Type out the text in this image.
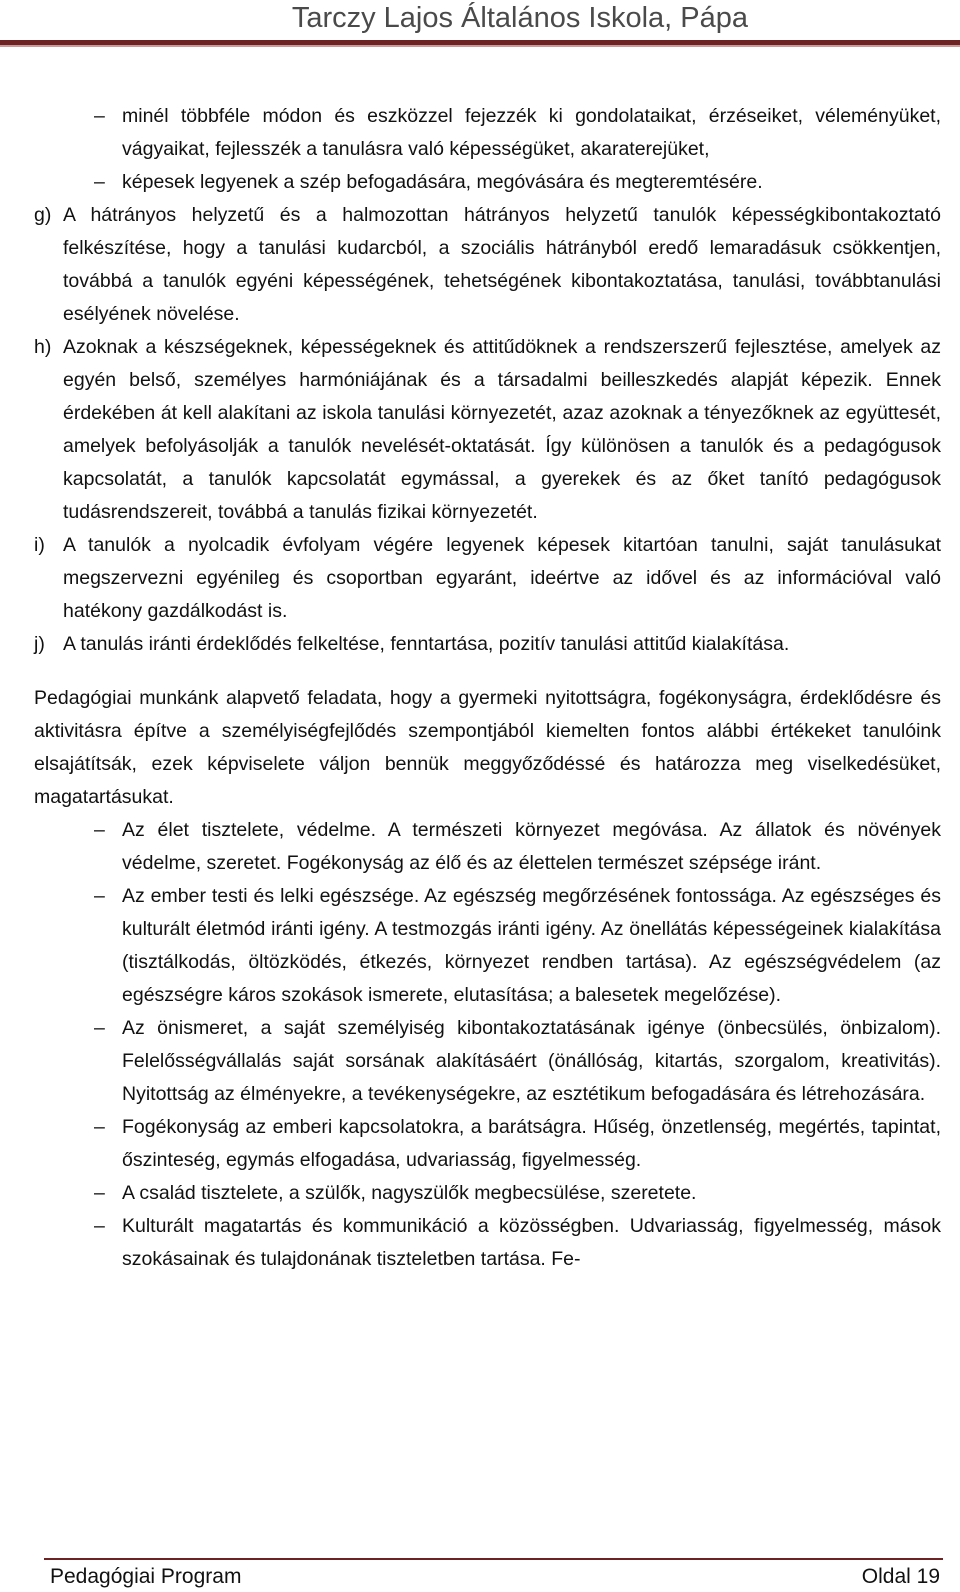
Tarczy Lajos Általános Iskola, Pápa
– minél többféle módon és eszközzel fejezzék ki gondolataikat, érzéseiket, véleményüket, vágyaikat, fejlesszék a tanulásra való képességüket, akaraterejüket,
– képesek legyenek a szép befogadására, megóvására és megteremtésére.
g) A hátrányos helyzetű és a halmozottan hátrányos helyzetű tanulók képességkibontakoztató felkészítése, hogy a tanulási kudarcból, a szociális hátrányból eredő lemaradásuk csökkentjen, továbbá a tanulók egyéni képességének, tehetségének kibontakoztatása, tanulási, továbbtanulási esélyének növelése.
h) Azoknak a készségeknek, képességeknek és attitűdöknek a rendszerszerű fejlesztése, amelyek az egyén belső, személyes harmóniájának és a társadalmi beilleszkedés alapját képezik. Ennek érdekében át kell alakítani az iskola tanulási környezetét, azaz azoknak a tényezőknek az együttesét, amelyek befolyásolják a tanulók nevelését-oktatását. Így különösen a tanulók és a pedagógusok kapcsolatát, a tanulók kapcsolatát egymással, a gyerekek és az őket tanító pedagógusok tudásrendszereit, továbbá a tanulás fizikai környezetét.
i) A tanulók a nyolcadik évfolyam végére legyenek képesek kitartóan tanulni, saját tanulásukat megszervezni egyénileg és csoportban egyaránt, ideértve az idővel és az információval való hatékony gazdálkodást is.
j) A tanulás iránti érdeklődés felkeltése, fenntartása, pozitív tanulási attitűd kialakítása.

Pedagógiai munkánk alapvető feladata, hogy a gyermeki nyitottságra, fogékonyságra, érdeklődésre és aktivitásra építve a személyiségfejlődés szempontjából kiemelten fontos alábbi értékeket tanulóink elsajátítsák, ezek képviselete váljon bennük meggyőződéssé és határozza meg viselkedésüket, magatartásukat.

– Az élet tisztelete, védelme. A természeti környezet megóvása. Az állatok és növények védelme, szeretet. Fogékonyság az élő és az élettelen természet szépsége iránt.
– Az ember testi és lelki egészsége. Az egészség megőrzésének fontossága. Az egészséges és kulturált életmód iránti igény. A testmozgás iránti igény. Az önellátás képességeinek kialakítása (tisztálkodás, öltözködés, étkezés, környezet rendben tartása). Az egészségvédelem (az egészségre káros szokások ismerete, elutasítása; a balesetek megelőzése).
– Az önismeret, a saját személyiség kibontakoztatásának igénye (önbecsülés, önbizalom). Felelősségvállalás saját sorsának alakításáért (önállóság, kitartás, szorgalom, kreativitás). Nyitottság az élményekre, a tevékenységekre, az esztétikum befogadására és létrehozására.
– Fogékonyság az emberi kapcsolatokra, a barátságra. Hűség, önzetlenség, megértés, tapintat, őszinteség, egymás elfogadása, udvariasság, figyelmesség.
– A család tisztelete, a szülők, nagyszülők megbecsülése, szeretete.
– Kulturált magatartás és kommunikáció a közösségben. Udvariasság, figyelmesség, mások szokásainak és tulajdonának tiszteletben tartása. Fe-
Pedagógiai Program	Oldal 19
